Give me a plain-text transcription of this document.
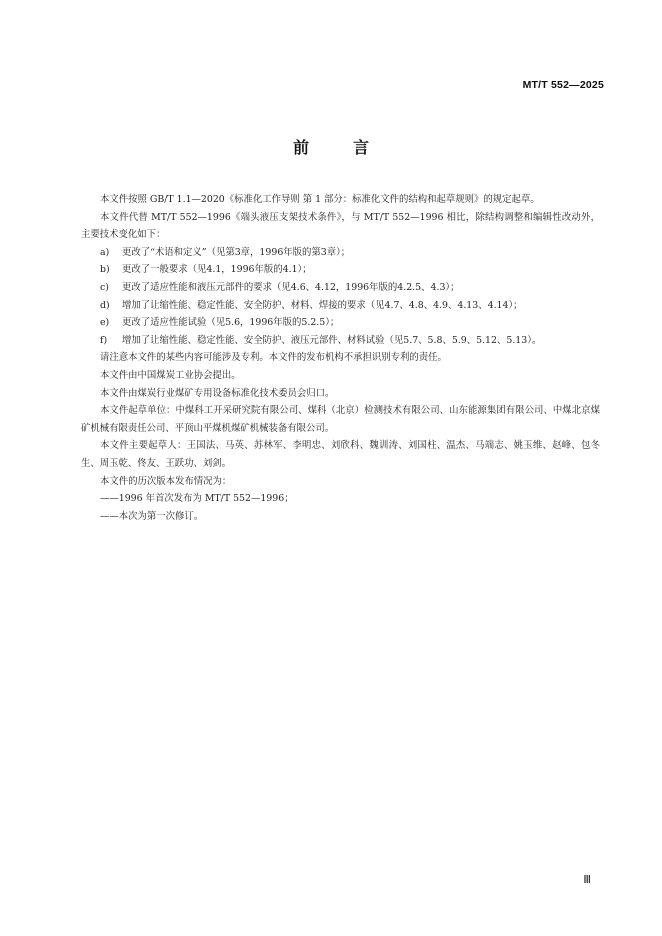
MT/T 552—2025
前言

本文件按照 GB/T 1.1—2020《标准化工作导则 第 1 部分：标准化文件的结构和起草规则》的规定起草。

本文件代替 MT/T 552—1996《端头液压支架技术条件》，与 MT/T 552—1996 相比，除结构调整和编辑性改动外，主要技术变化如下：

a)	更改了“术语和定义”（见第3章，1996年版的第3章）；
b)	更改了一般要求（见4.1，1996年版的4.1）；
c)	更改了适应性能和液压元部件的要求（见4.6、4.12，1996年版的4.2.5、4.3）；
d)	增加了让缩性能、稳定性能、安全防护、材料、焊接的要求（见4.7、4.8、4.9、4.13、4.14）；
e)	更改了适应性能试验（见5.6，1996年版的5.2.5）；
f)	增加了让缩性能、稳定性能、安全防护、液压元部件、材料试验（见5.7、5.8、5.9、5.12、5.13）。

请注意本文件的某些内容可能涉及专利。本文件的发布机构不承担识别专利的责任。

本文件由中国煤炭工业协会提出。

本文件由煤炭行业煤矿专用设备标准化技术委员会归口。

本文件起草单位：中煤科工开采研究院有限公司、煤科（北京）检测技术有限公司、山东能源集团有限公司、中煤北京煤矿机械有限责任公司、平顶山平煤机煤矿机械装备有限公司。

本文件主要起草人：王国法、马英、苏林军、李明忠、刘欣科、魏训涛、刘国柱、温杰、马端志、姚玉维、赵峰、包冬生、周玉乾、佟友、王跃功、刘剑。

本文件的历次版本发布情况为：

——1996 年首次发布为 MT/T 552—1996；

——本次为第一次修订。

Ⅲ
